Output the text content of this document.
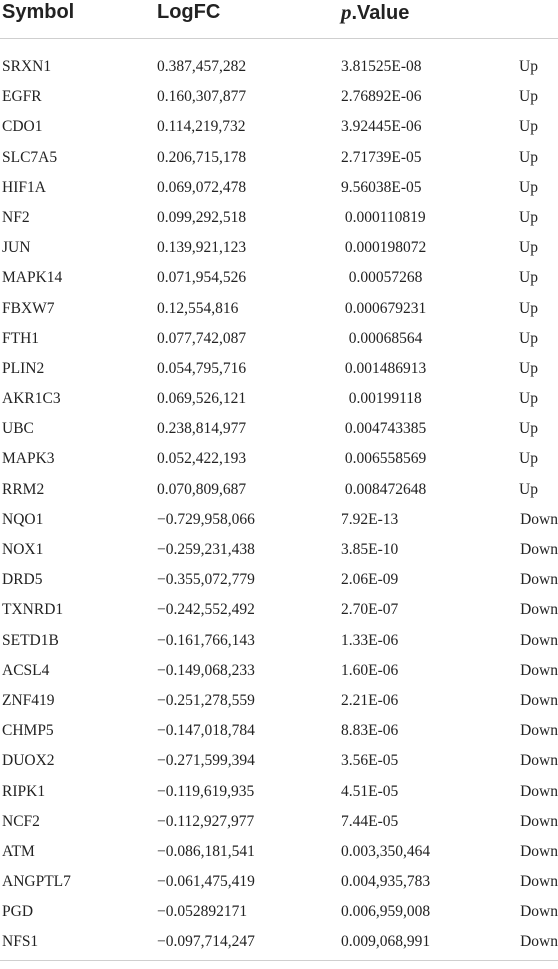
Symbol	LogFC	p.Value
SRXN1	0.387,457,282	3.81525E-08	Up
EGFR	0.160,307,877	2.76892E-06	Up
CDO1	0.114,219,732	3.92445E-06	Up
SLC7A5	0.206,715,178	2.71739E-05	Up
HIF1A	0.069,072,478	9.56038E-05	Up
NF2	0.099,292,518	0.000110819	Up
JUN	0.139,921,123	0.000198072	Up
MAPK14	0.071,954,526	0.00057268	Up
FBXW7	0.12,554,816	0.000679231	Up
FTH1	0.077,742,087	0.00068564	Up
PLIN2	0.054,795,716	0.001486913	Up
AKR1C3	0.069,526,121	0.00199118	Up
UBC	0.238,814,977	0.004743385	Up
MAPK3	0.052,422,193	0.006558569	Up
RRM2	0.070,809,687	0.008472648	Up
NQO1	−0.729,958,066	7.92E-13	Down
NOX1	−0.259,231,438	3.85E-10	Down
DRD5	−0.355,072,779	2.06E-09	Down
TXNRD1	−0.242,552,492	2.70E-07	Down
SETD1B	−0.161,766,143	1.33E-06	Down
ACSL4	−0.149,068,233	1.60E-06	Down
ZNF419	−0.251,278,559	2.21E-06	Down
CHMP5	−0.147,018,784	8.83E-06	Down
DUOX2	−0.271,599,394	3.56E-05	Down
RIPK1	−0.119,619,935	4.51E-05	Down
NCF2	−0.112,927,977	7.44E-05	Down
ATM	−0.086,181,541	0.003,350,464	Down
ANGPTL7	−0.061,475,419	0.004,935,783	Down
PGD	−0.052892171	0.006,959,008	Down
NFS1	−0.097,714,247	0.009,068,991	Down
